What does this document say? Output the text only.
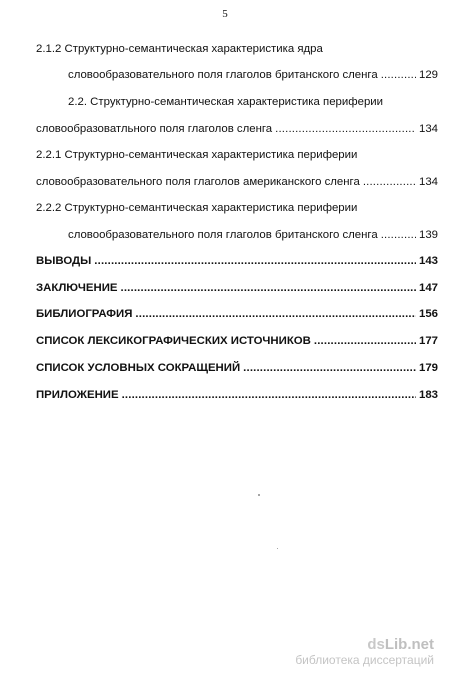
5
2.1.2 Структурно-семантическая характеристика ядра
словообразовательного поля глаголов британского сленга . . .	129
2.2. Структурно-семантическая характеристика периферии
словообразоватльного поля глаголов сленга . . .	134
2.2.1 Структурно-семантическая характеристика периферии
словообразовательного поля глаголов американского сленга . . .	134
2.2.2 Структурно-семантическая характеристика периферии
словообразовательного поля глаголов британского сленга . . .	139
ВЫВОДЫ . . .	143
ЗАКЛЮЧЕНИЕ . . .	147
БИБЛИОГРАФИЯ . . .	156
СПИСОК ЛЕКСИКОГРАФИЧЕСКИХ ИСТОЧНИКОВ . . .	177
СПИСОК УСЛОВНЫХ СОКРАЩЕНИЙ . . .	179
ПРИЛОЖЕНИЕ . . .	183
dsLib.net
библиотека диссертаций
